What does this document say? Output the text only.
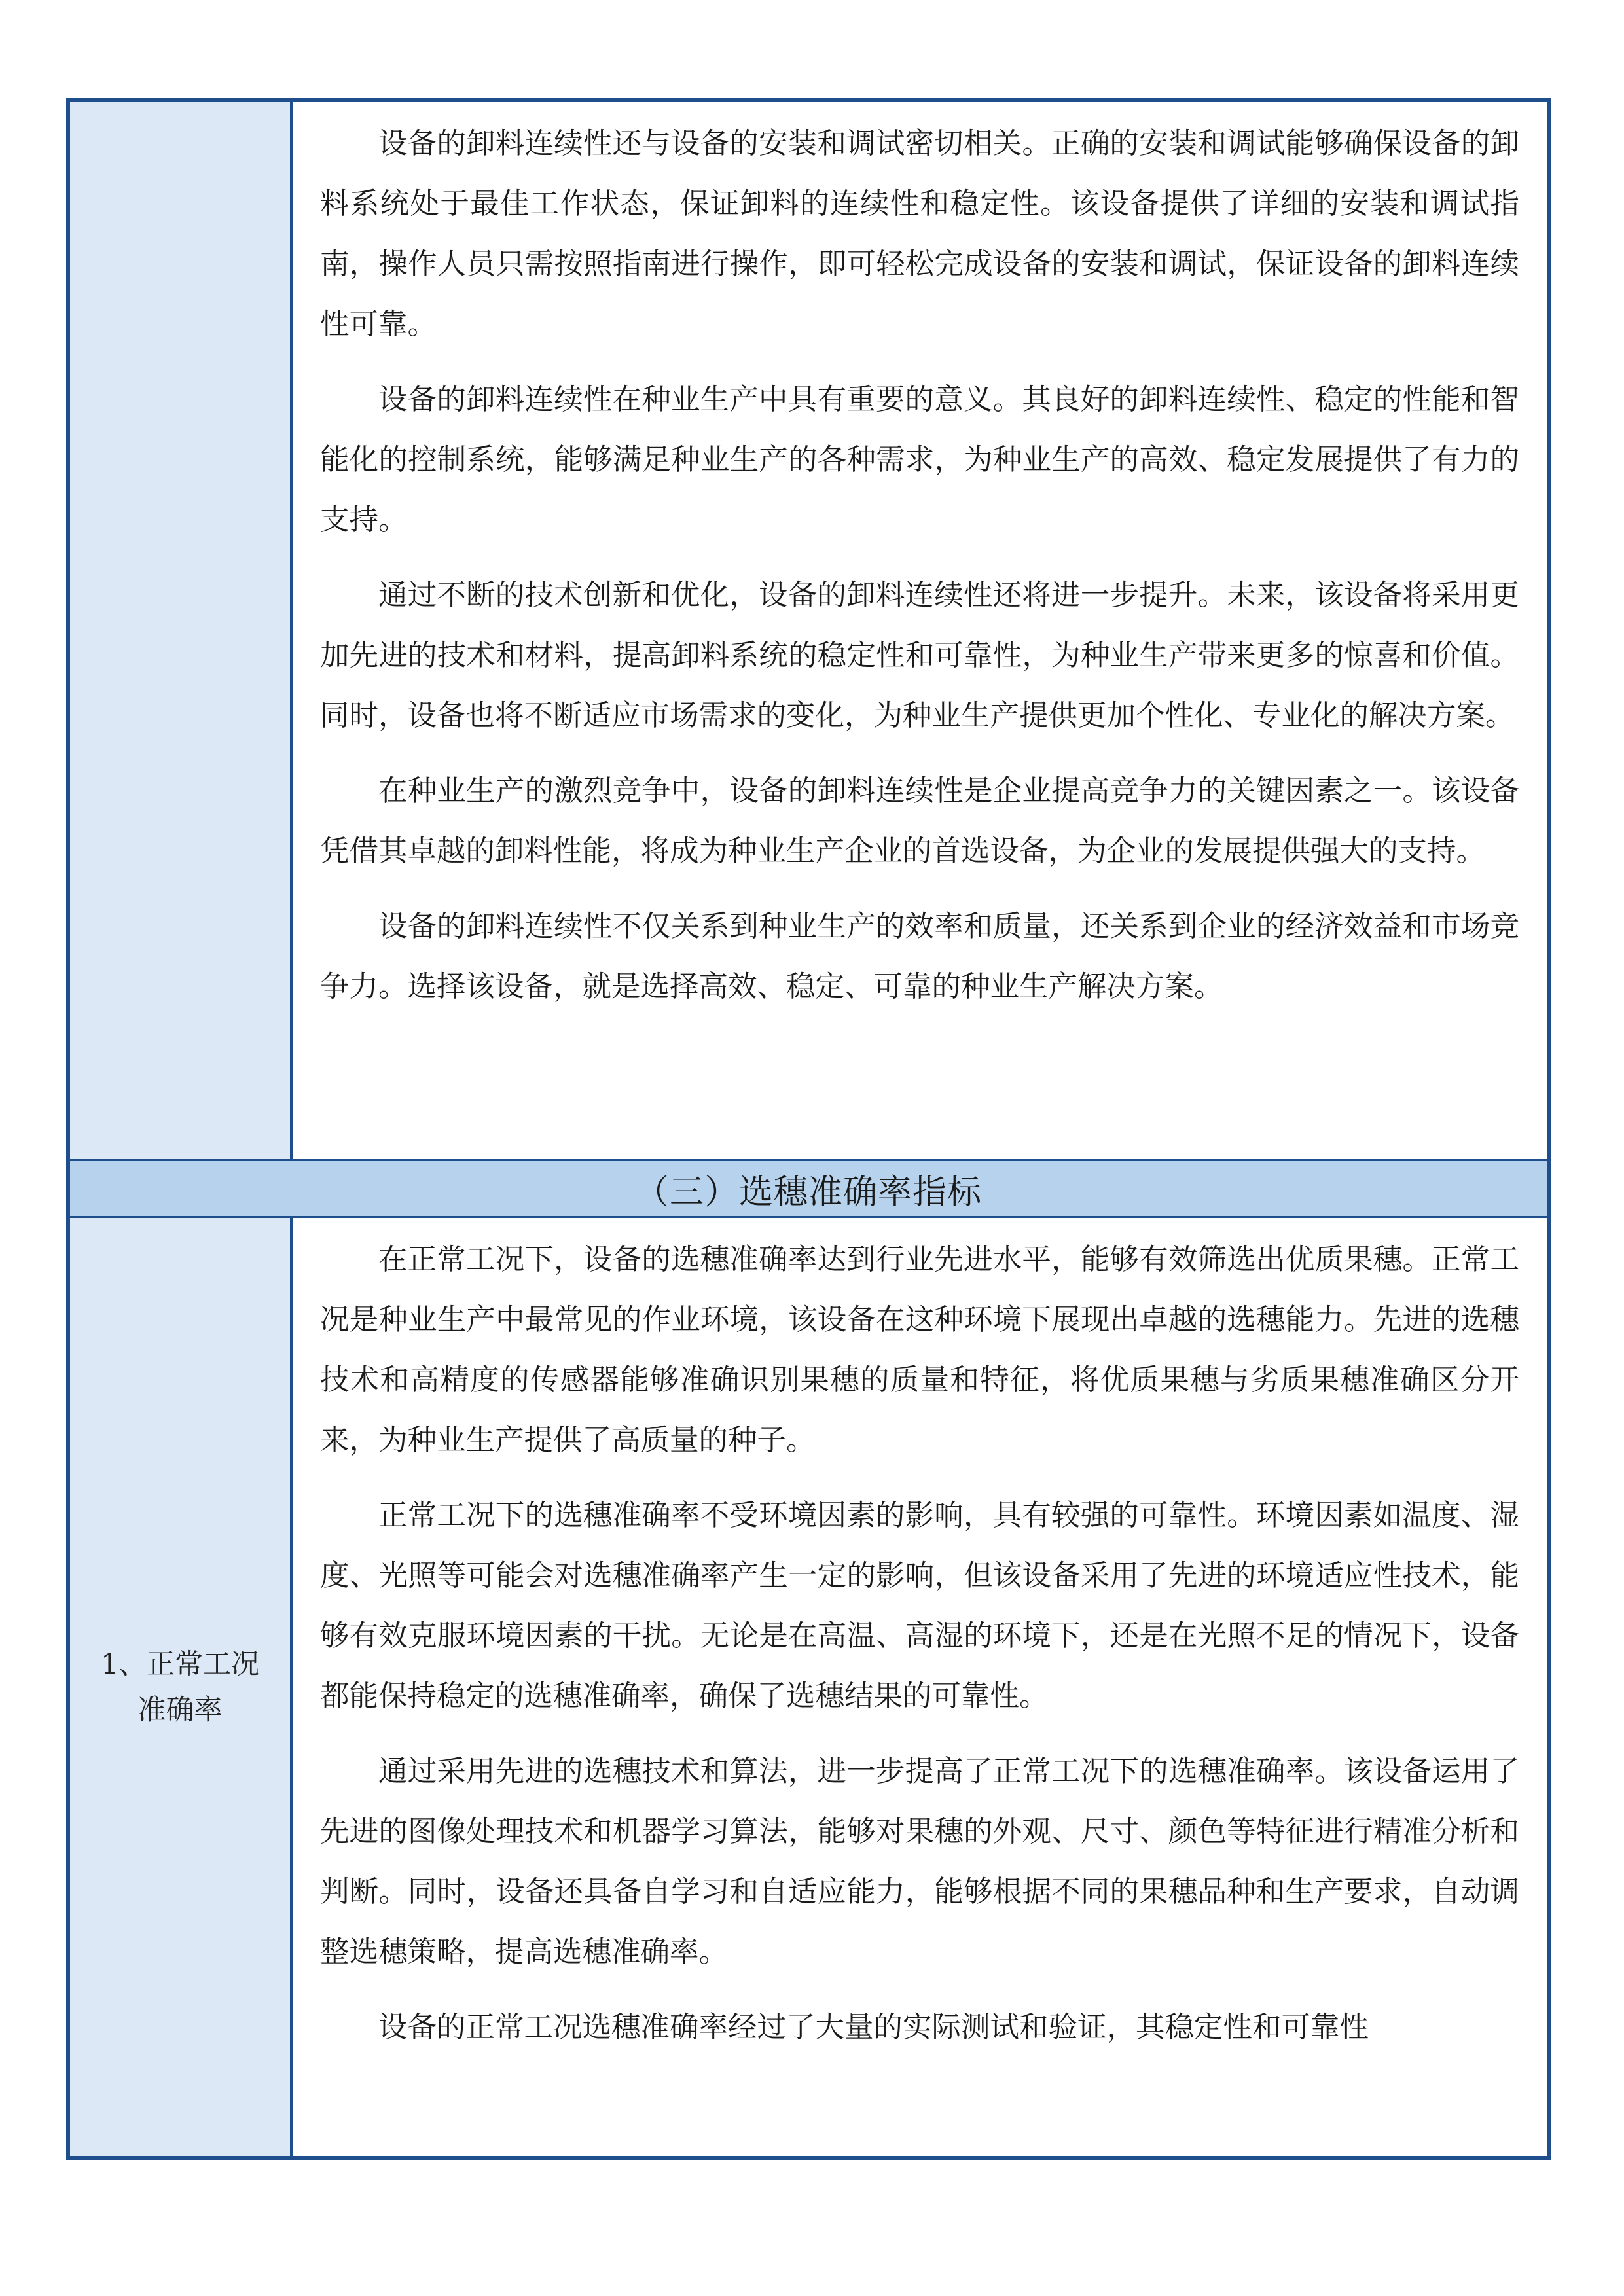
设备的卸料连续性还与设备的安装和调试密切相关。正确的安装和调试能够确保设备的卸料系统处于最佳工作状态，保证卸料的连续性和稳定性。该设备提供了详细的安装和调试指南，操作人员只需按照指南进行操作，即可轻松完成设备的安装和调试，保证设备的卸料连续性可靠。

设备的卸料连续性在种业生产中具有重要的意义。其良好的卸料连续性、稳定的性能和智能化的控制系统，能够满足种业生产的各种需求，为种业生产的高效、稳定发展提供了有力的支持。

通过不断的技术创新和优化，设备的卸料连续性还将进一步提升。未来，该设备将采用更加先进的技术和材料，提高卸料系统的稳定性和可靠性，为种业生产带来更多的惊喜和价值。同时，设备也将不断适应市场需求的变化，为种业生产提供更加个性化、专业化的解决方案。

在种业生产的激烈竞争中，设备的卸料连续性是企业提高竞争力的关键因素之一。该设备凭借其卓越的卸料性能，将成为种业生产企业的首选设备，为企业的发展提供强大的支持。

设备的卸料连续性不仅关系到种业生产的效率和质量，还关系到企业的经济效益和市场竞争力。选择该设备，就是选择高效、稳定、可靠的种业生产解决方案。

（三）选穗准确率指标
1、正常工况准确率

在正常工况下，设备的选穗准确率达到行业先进水平，能够有效筛选出优质果穗。正常工况是种业生产中最常见的作业环境，该设备在这种环境下展现出卓越的选穗能力。先进的选穗技术和高精度的传感器能够准确识别果穗的质量和特征，将优质果穗与劣质果穗准确区分开来，为种业生产提供了高质量的种子。

正常工况下的选穗准确率不受环境因素的影响，具有较强的可靠性。环境因素如温度、湿度、光照等可能会对选穗准确率产生一定的影响，但该设备采用了先进的环境适应性技术，能够有效克服环境因素的干扰。无论是在高温、高湿的环境下，还是在光照不足的情况下，设备都能保持稳定的选穗准确率，确保了选穗结果的可靠性。

通过采用先进的选穗技术和算法，进一步提高了正常工况下的选穗准确率。该设备运用了先进的图像处理技术和机器学习算法，能够对果穗的外观、尺寸、颜色等特征进行精准分析和判断。同时，设备还具备自学习和自适应能力，能够根据不同的果穗品种和生产要求，自动调整选穗策略，提高选穗准确率。

设备的正常工况选穗准确率经过了大量的实际测试和验证，其稳定性和可靠性
